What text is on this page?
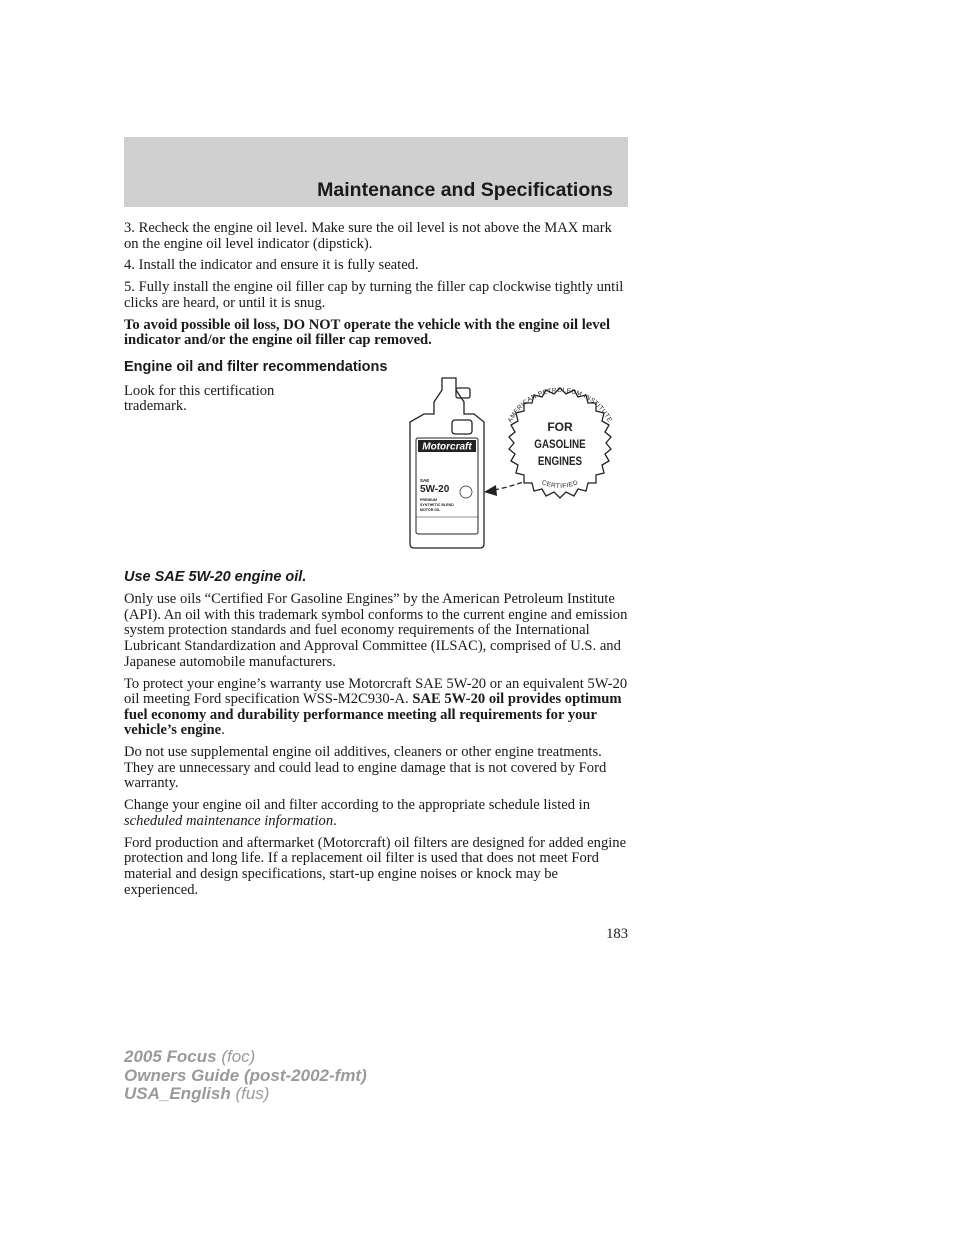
Maintenance and Specifications

3. Recheck the engine oil level. Make sure the oil level is not above the MAX mark on the engine oil level indicator (dipstick).

4. Install the indicator and ensure it is fully seated.

5. Fully install the engine oil filler cap by turning the filler cap clockwise tightly until clicks are heard, or until it is snug.

To avoid possible oil loss, DO NOT operate the vehicle with the engine oil level indicator and/or the engine oil filler cap removed.

Engine oil and filter recommendations
Look for this certification trademark.
Motorcraft
SAE
5W-20
PREMIUM
SYNTHETIC BLEND
MOTOR OIL
AMERICAN PETROLEUM INSTITUTE
CERTIFIED
FOR
GASOLINE
ENGINES
Use SAE 5W-20 engine oil.

Only use oils “Certified For Gasoline Engines” by the American Petroleum Institute (API). An oil with this trademark symbol conforms to the current engine and emission system protection standards and fuel economy requirements of the International Lubricant Standardization and Approval Committee (ILSAC), comprised of U.S. and Japanese automobile manufacturers.

To protect your engine’s warranty use Motorcraft SAE 5W-20 or an equivalent 5W-20 oil meeting Ford specification WSS-M2C930-A. SAE 5W-20 oil provides optimum fuel economy and durability performance meeting all requirements for your vehicle’s engine.

Do not use supplemental engine oil additives, cleaners or other engine treatments. They are unnecessary and could lead to engine damage that is not covered by Ford warranty.

Change your engine oil and filter according to the appropriate schedule listed in scheduled maintenance information.

Ford production and aftermarket (Motorcraft) oil filters are designed for added engine protection and long life. If a replacement oil filter is used that does not meet Ford material and design specifications, start-up engine noises or knock may be experienced.

183
2005 Focus (foc)
Owners Guide (post-2002-fmt)
USA_English (fus)
